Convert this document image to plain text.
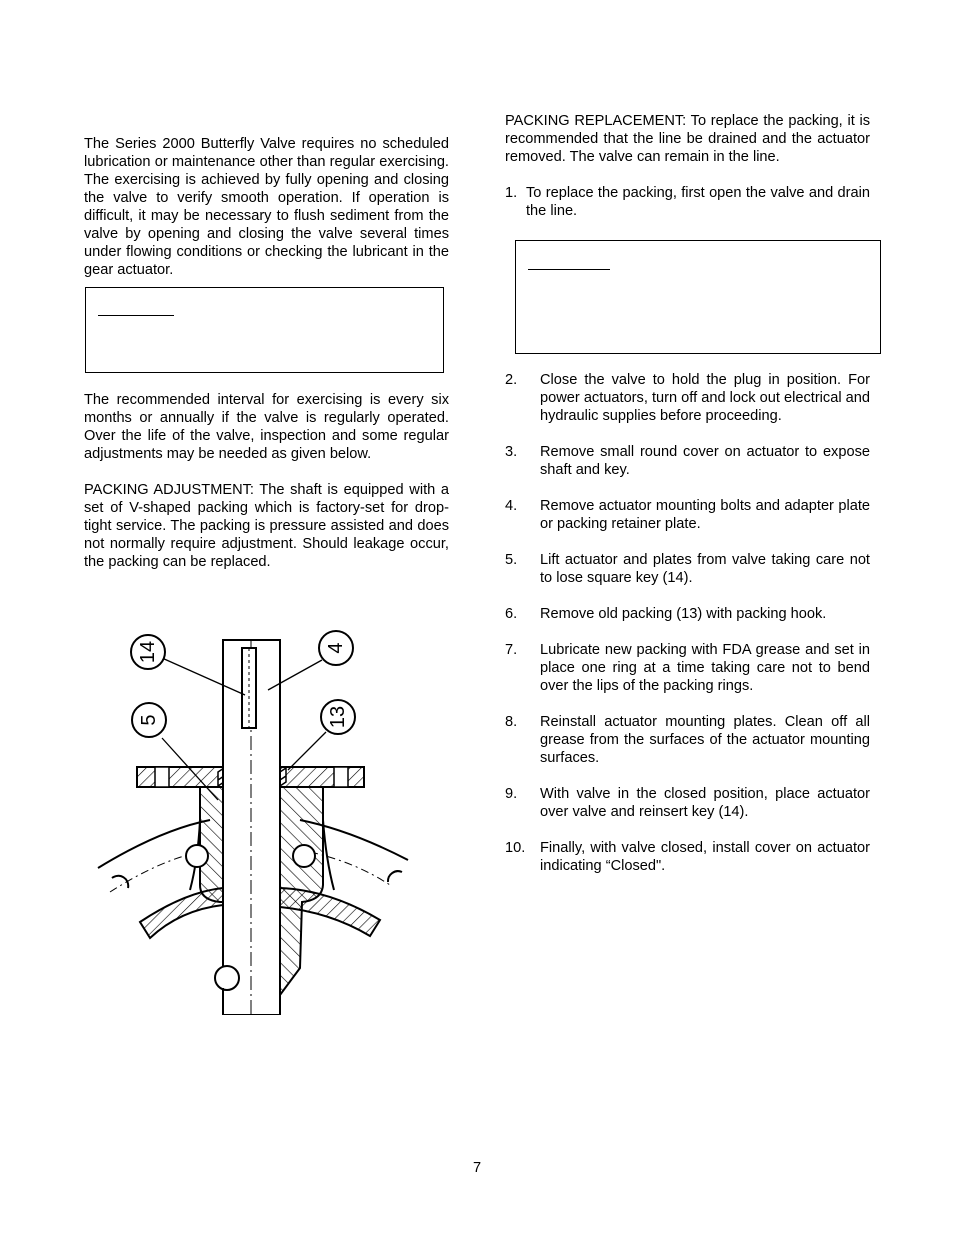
The Series 2000 Butterfly Valve requires no scheduled lubrication or maintenance other than regular exercising. The exercising is achieved by fully opening and closing the valve to verify smooth operation. If operation is difficult, it may be necessary to flush sediment from the valve by opening and closing the valve several times under flowing conditions or checking the lubricant in the gear actuator.

The recommended interval for exercising is every six months or annually if the valve is regularly operated. Over the life of the valve, inspection and some regular adjustments may be needed as given below.

PACKING ADJUSTMENT: The shaft is equipped with a set of V-shaped packing which is factory-set for drop-tight service. The packing is pressure assisted and does not normally require adjustment. Should leakage occur, the packing can be replaced.

14	4
5	13

PACKING REPLACEMENT: To replace the packing, it is recommended that the line be drained and the actuator removed. The valve can remain in the line.

1. To replace the packing, first open the valve and drain the line.
2.	Close the valve to hold the plug in position. For power actuators, turn off and lock out electrical and hydraulic supplies before proceeding.
3.	Remove small round cover on actuator to expose shaft and key.
4.	Remove actuator mounting bolts and adapter plate or packing retainer plate.
5.	Lift actuator and plates from valve taking care not to lose square key (14).
6.	Remove old packing (13) with packing hook.
7.	Lubricate new packing with FDA grease and set in place one ring at a time taking care not to bend over the lips of the packing rings.
8.	Reinstall actuator mounting plates. Clean off all grease from the surfaces of the actuator mounting surfaces.
9.	With valve in the closed position, place actuator over valve and reinsert key (14).
10.	Finally, with valve closed, install cover on actuator indicating “Closed".
7
